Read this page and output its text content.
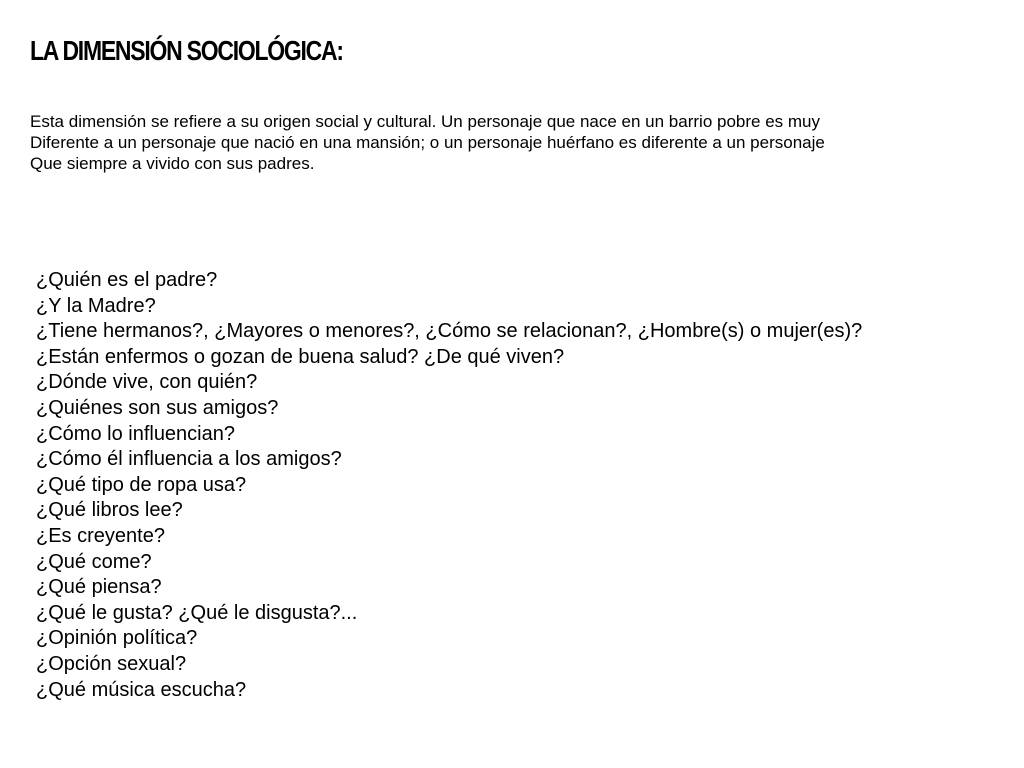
LA DIMENSIÓN SOCIOLÓGICA:

Esta dimensión se refiere a su origen social y cultural. Un personaje que nace en un barrio pobre es muy
Diferente a un personaje que nació en una mansión; o un personaje huérfano es diferente a un personaje
Que siempre a vivido con sus padres.

¿Quién es el padre?
¿Y la Madre?
¿Tiene hermanos?, ¿Mayores o menores?, ¿Cómo se relacionan?, ¿Hombre(s) o mujer(es)?
¿Están enfermos o gozan de buena salud? ¿De qué viven?
¿Dónde vive, con quién?
¿Quiénes son sus amigos?
¿Cómo lo influencian?
¿Cómo él influencia a los amigos?
¿Qué tipo de ropa usa?
¿Qué libros lee?
¿Es creyente?
¿Qué come?
¿Qué piensa?
¿Qué le gusta? ¿Qué le disgusta?...
¿Opinión política?
¿Opción sexual?
¿Qué música escucha?
